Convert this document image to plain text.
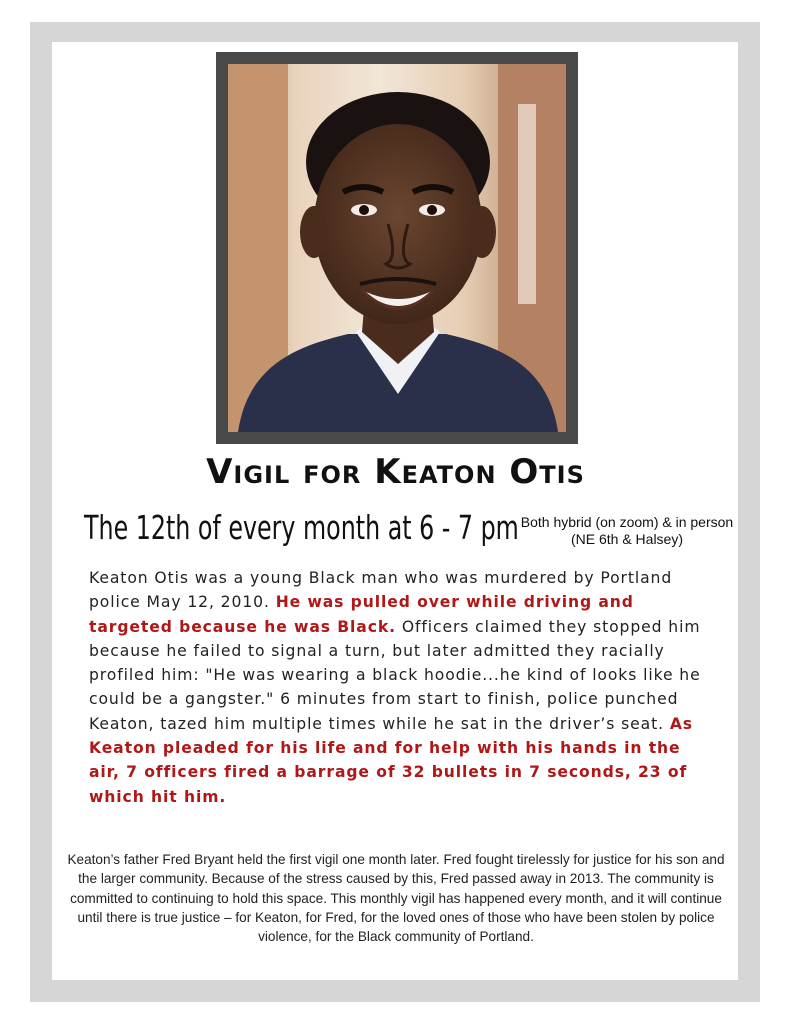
Vigil for Keaton Otis
The 12th of every month at 6 - 7 pm Both hybrid (on zoom) & in person (NE 6th & Halsey)
Keaton Otis was a young Black man who was murdered by Portland police May 12, 2010. He was pulled over while driving and targeted because he was Black. Officers claimed they stopped him because he failed to signal a turn, but later admitted they racially profiled him: "He was wearing a black hoodie...he kind of looks like he could be a gangster." 6 minutes from start to finish, police punched Keaton, tazed him multiple times while he sat in the driver’s seat. As Keaton pleaded for his life and for help with his hands in the air, 7 officers fired a barrage of 32 bullets in 7 seconds, 23 of which hit him.
Keaton’s father Fred Bryant held the first vigil one month later. Fred fought tirelessly for justice for his son and the larger community. Because of the stress caused by this, Fred passed away in 2013. The community is committed to continuing to hold this space. This monthly vigil has happened every month, and it will continue until there is true justice – for Keaton, for Fred, for the loved ones of those who have been stolen by police violence, for the Black community of Portland.
